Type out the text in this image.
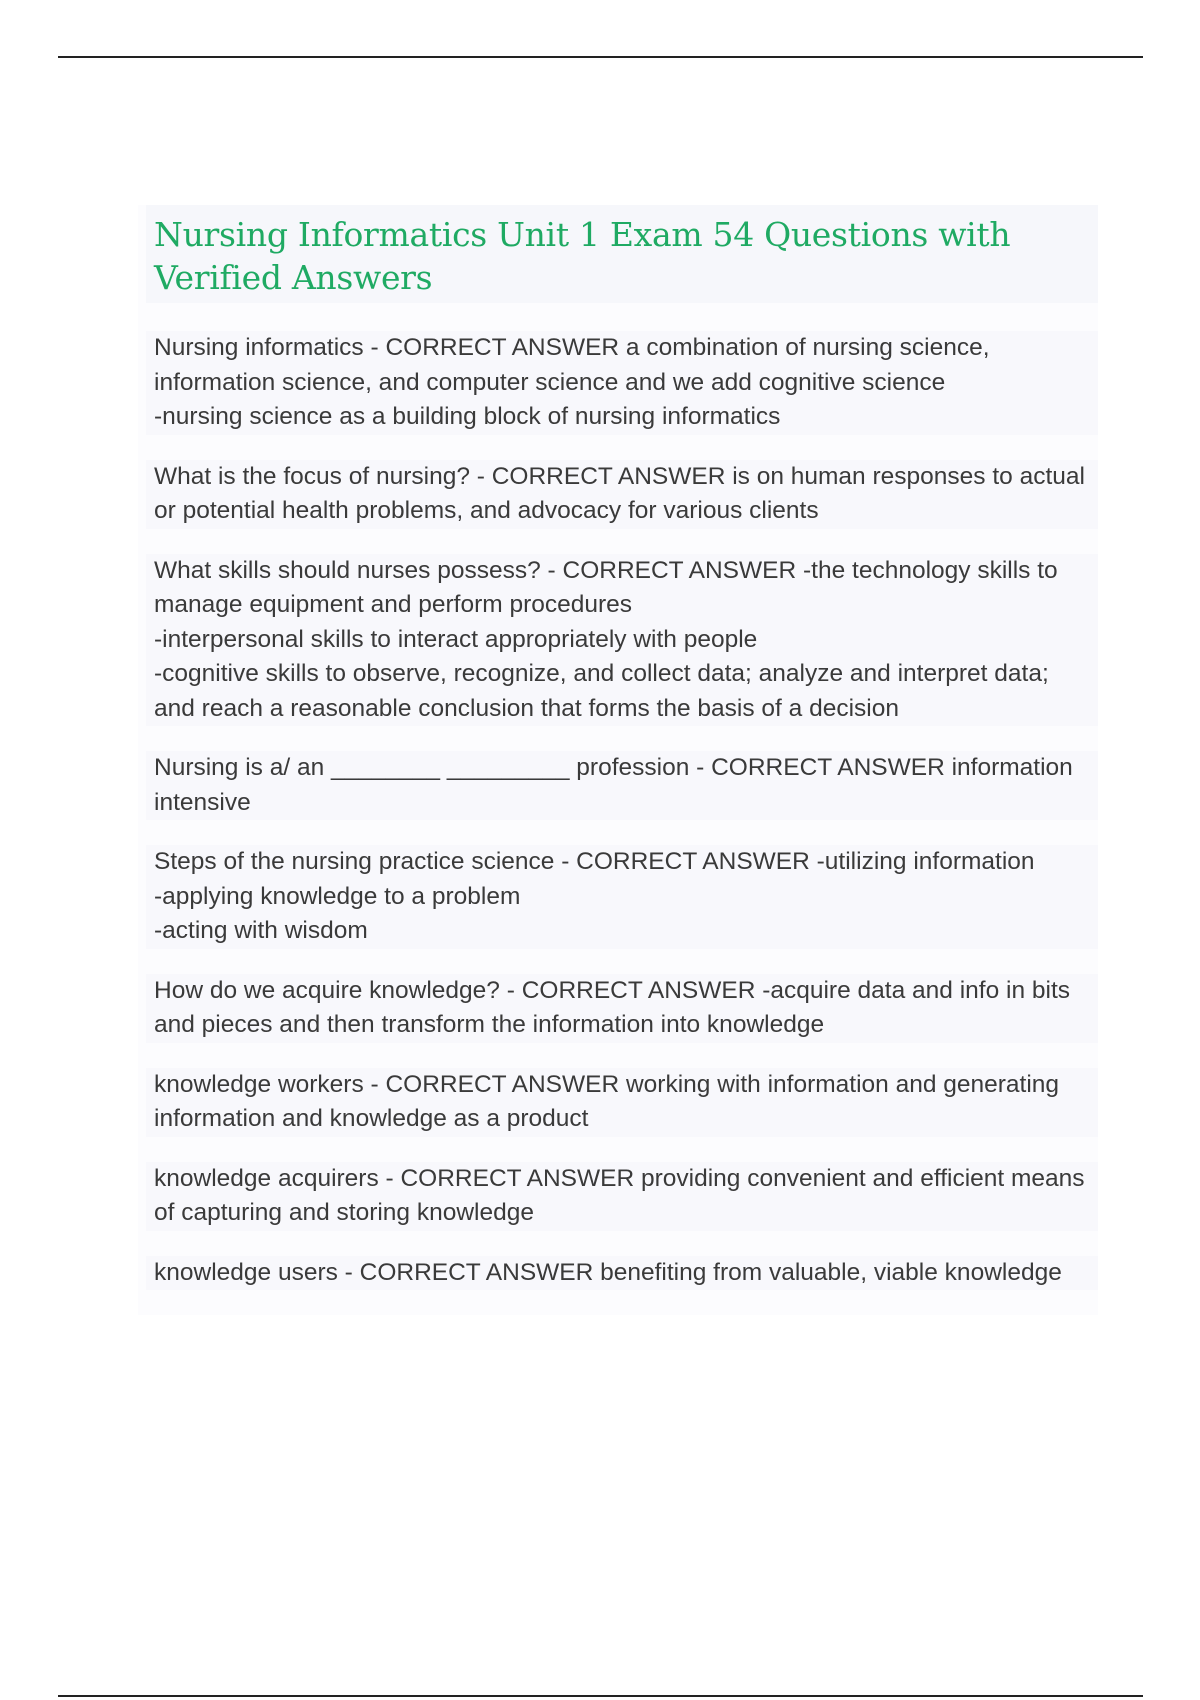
Nursing Informatics Unit 1 Exam 54 Questions with Verified Answers
Nursing informatics - CORRECT ANSWER a combination of nursing science, information science, and computer science and we add cognitive science
-nursing science as a building block of nursing informatics
What is the focus of nursing? - CORRECT ANSWER is on human responses to actual or potential health problems, and advocacy for various clients
What skills should nurses possess? - CORRECT ANSWER -the technology skills to manage equipment and perform procedures
-interpersonal skills to interact appropriately with people
-cognitive skills to observe, recognize, and collect data; analyze and interpret data; and reach a reasonable conclusion that forms the basis of a decision
Nursing is a/ an ________ _________ profession - CORRECT ANSWER information intensive
Steps of the nursing practice science - CORRECT ANSWER -utilizing information
-applying knowledge to a problem
-acting with wisdom
How do we acquire knowledge? - CORRECT ANSWER -acquire data and info in bits and pieces and then transform the information into knowledge
knowledge workers - CORRECT ANSWER working with information and generating information and knowledge as a product
knowledge acquirers - CORRECT ANSWER providing convenient and efficient means of capturing and storing knowledge
knowledge users - CORRECT ANSWER benefiting from valuable, viable knowledge
